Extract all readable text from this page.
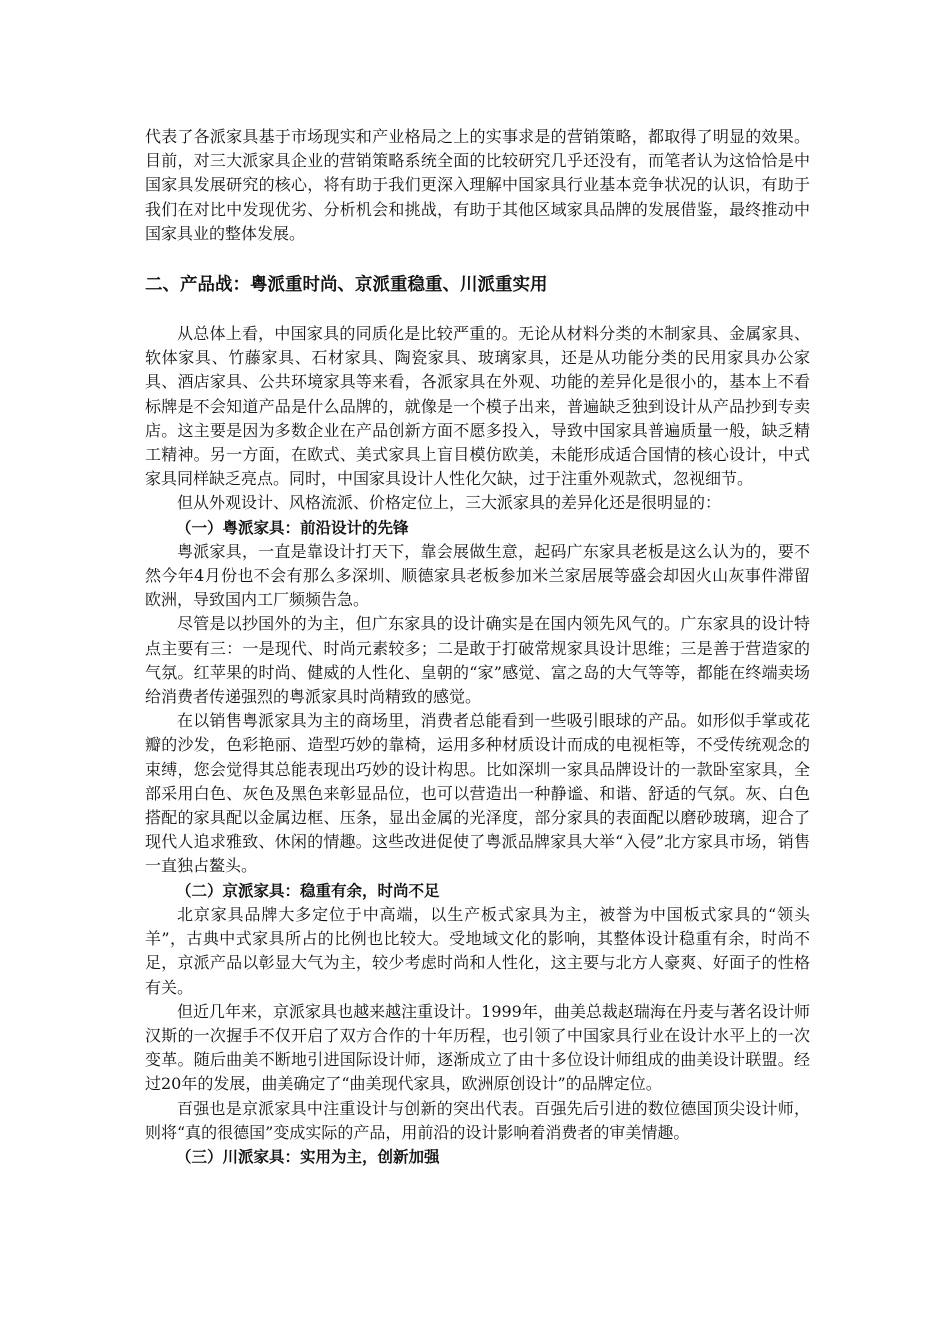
代表了各派家具基于市场现实和产业格局之上的实事求是的营销策略，都取得了明显的效果。目前，对三大派家具企业的营销策略系统全面的比较研究几乎还没有，而笔者认为这恰恰是中国家具发展研究的核心，将有助于我们更深入理解中国家具行业基本竞争状况的认识，有助于我们在对比中发现优劣、分析机会和挑战，有助于其他区域家具品牌的发展借鉴，最终推动中国家具业的整体发展。

二、产品战：粤派重时尚、京派重稳重、川派重实用

从总体上看，中国家具的同质化是比较严重的。无论从材料分类的木制家具、金属家具、软体家具、竹藤家具、石材家具、陶瓷家具、玻璃家具，还是从功能分类的民用家具办公家具、酒店家具、公共环境家具等来看，各派家具在外观、功能的差异化是很小的，基本上不看标牌是不会知道产品是什么品牌的，就像是一个模子出来，普遍缺乏独到设计从产品抄到专卖店。这主要是因为多数企业在产品创新方面不愿多投入，导致中国家具普遍质量一般，缺乏精工精神。另一方面，在欧式、美式家具上盲目模仿欧美，未能形成适合国情的核心设计，中式家具同样缺乏亮点。同时，中国家具设计人性化欠缺，过于注重外观款式，忽视细节。

但从外观设计、风格流派、价格定位上，三大派家具的差异化还是很明显的：

（一）粤派家具：前沿设计的先锋

粤派家具，一直是靠设计打天下，靠会展做生意，起码广东家具老板是这么认为的，要不然今年4月份也不会有那么多深圳、顺德家具老板参加米兰家居展等盛会却因火山灰事件滞留欧洲，导致国内工厂频频告急。

尽管是以抄国外的为主，但广东家具的设计确实是在国内领先风气的。广东家具的设计特点主要有三：一是现代、时尚元素较多；二是敢于打破常规家具设计思维；三是善于营造家的气氛。红苹果的时尚、健威的人性化、皇朝的“家”感觉、富之岛的大气等等，都能在终端卖场给消费者传递强烈的粤派家具时尚精致的感觉。

在以销售粤派家具为主的商场里，消费者总能看到一些吸引眼球的产品。如形似手掌或花瓣的沙发，色彩艳丽、造型巧妙的靠椅，运用多种材质设计而成的电视柜等，不受传统观念的束缚，您会觉得其总能表现出巧妙的设计构思。比如深圳一家具品牌设计的一款卧室家具，全部采用白色、灰色及黑色来彰显品位，也可以营造出一种静谧、和谐、舒适的气氛。灰、白色搭配的家具配以金属边框、压条，显出金属的光泽度，部分家具的表面配以磨砂玻璃，迎合了现代人追求雅致、休闲的情趣。这些改进促使了粤派品牌家具大举“入侵”北方家具市场，销售一直独占鳌头。

（二）京派家具：稳重有余，时尚不足

北京家具品牌大多定位于中高端，以生产板式家具为主，被誉为中国板式家具的“领头羊”，古典中式家具所占的比例也比较大。受地域文化的影响，其整体设计稳重有余，时尚不足，京派产品以彰显大气为主，较少考虑时尚和人性化，这主要与北方人豪爽、好面子的性格有关。

但近几年来，京派家具也越来越注重设计。1999年，曲美总裁赵瑞海在丹麦与著名设计师汉斯的一次握手不仅开启了双方合作的十年历程，也引领了中国家具行业在设计水平上的一次变革。随后曲美不断地引进国际设计师，逐渐成立了由十多位设计师组成的曲美设计联盟。经过20年的发展，曲美确定了“曲美现代家具，欧洲原创设计”的品牌定位。

百强也是京派家具中注重设计与创新的突出代表。百强先后引进的数位德国顶尖设计师，则将“真的很德国”变成实际的产品，用前沿的设计影响着消费者的审美情趣。

（三）川派家具：实用为主，创新加强
